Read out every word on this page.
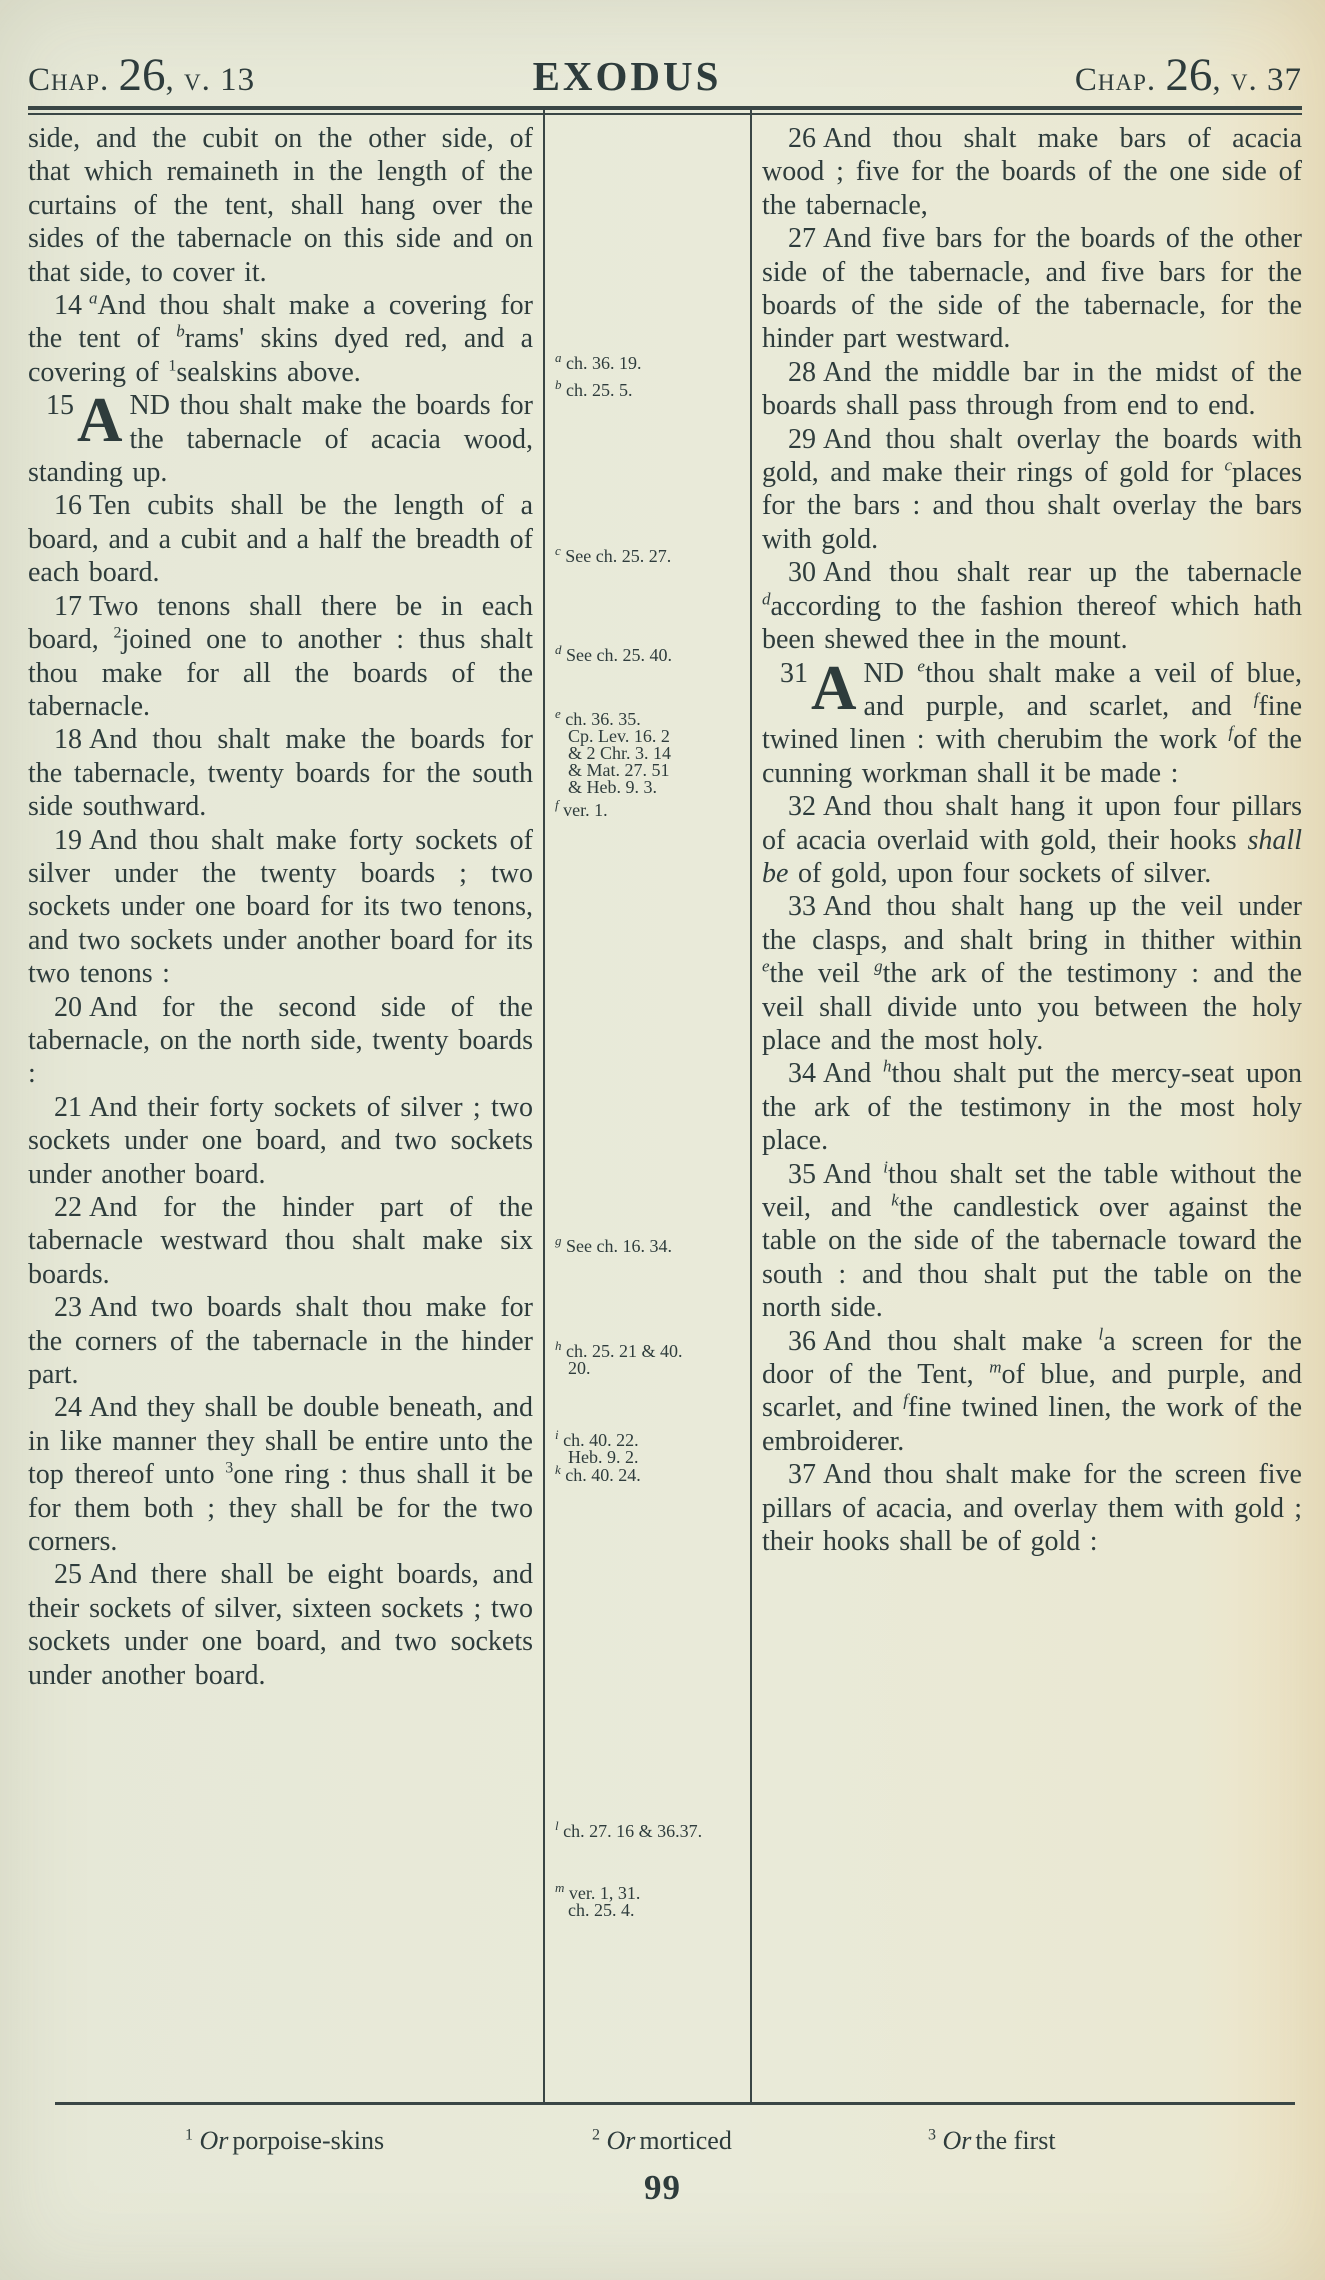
Chap. 26, v. 13	EXODUS	Chap. 26, v. 37

side, and the cubit on the other side, of that which remaineth in the length of the curtains of the tent, shall hang over the sides of the tabernacle on this side and on that side, to cover it.

14 $^a$And thou shalt make a covering for the tent of $^b$rams' skins dyed red, and a covering of $^1$sealskins above.

15 A ND thou shalt make the boards for the tabernacle of acacia wood, standing up.

16 Ten cubits shall be the length of a board, and a cubit and a half the breadth of each board.

17 Two tenons shall there be in each board, $^2$joined one to another : thus shalt thou make for all the boards of the tabernacle.

18 And thou shalt make the boards for the tabernacle, twenty boards for the south side southward.

19 And thou shalt make forty sockets of silver under the twenty boards ; two sockets under one board for its two tenons, and two sockets under another board for its two tenons :

20 And for the second side of the tabernacle, on the north side, twenty boards :

21 And their forty sockets of silver ; two sockets under one board, and two sockets under another board.

22 And for the hinder part of the tabernacle westward thou shalt make six boards.

23 And two boards shalt thou make for the corners of the tabernacle in the hinder part.

24 And they shall be double beneath, and in like manner they shall be entire unto the top thereof unto $^3$one ring : thus shall it be for them both ; they shall be for the two corners.

25 And there shall be eight boards, and their sockets of silver, sixteen sockets ; two sockets under one board, and two sockets under another board.

$^a$ ch. 36. 19.
$^b$ ch. 25. 5.
$^c$ See ch. 25. 27.
$^d$ See ch. 25. 40.
$^e$ ch. 36. 35.
Cp. Lev. 16. 2
& 2 Chr. 3. 14
& Mat. 27. 51
& Heb. 9. 3.
$^f$ ver. 1.
$^g$ See ch. 16. 34.
$^h$ ch. 25. 21 & 40.
20.
$^i$ ch. 40. 22.
Heb. 9. 2.
$^k$ ch. 40. 24.
$^l$ ch. 27. 16 & 36.37.
$^m$ ver. 1, 31.
ch. 25. 4.

26 And thou shalt make bars of acacia wood ; five for the boards of the one side of the tabernacle,

27 And five bars for the boards of the other side of the tabernacle, and five bars for the boards of the side of the tabernacle, for the hinder part westward.

28 And the middle bar in the midst of the boards shall pass through from end to end.

29 And thou shalt overlay the boards with gold, and make their rings of gold for $^c$places for the bars : and thou shalt overlay the bars with gold.

30 And thou shalt rear up the tabernacle $^d$according to the fashion thereof which hath been shewed thee in the mount.

31 A ND $^e$thou shalt make a veil of blue, and purple, and scarlet, and $^f$fine twined linen : with cherubim the work $^f$of the cunning workman shall it be made :

32 And thou shalt hang it upon four pillars of acacia overlaid with gold, their hooks shall be of gold, upon four sockets of silver.

33 And thou shalt hang up the veil under the clasps, and shalt bring in thither within $^e$the veil $^g$the ark of the testimony : and the veil shall divide unto you between the holy place and the most holy.

34 And $^h$thou shalt put the mercy-seat upon the ark of the testimony in the most holy place.

35 And $^i$thou shalt set the table without the veil, and $^k$the candlestick over against the table on the side of the tabernacle toward the south : and thou shalt put the table on the north side.

36 And thou shalt make $^l$a screen for the door of the Tent, $^m$of blue, and purple, and scarlet, and $^f$fine twined linen, the work of the embroiderer.

37 And thou shalt make for the screen five pillars of acacia, and overlay them with gold ; their hooks shall be of gold :

$^1$ Or porpoise-skins	$^2$ Or morticed	$^3$ Or the first
99
